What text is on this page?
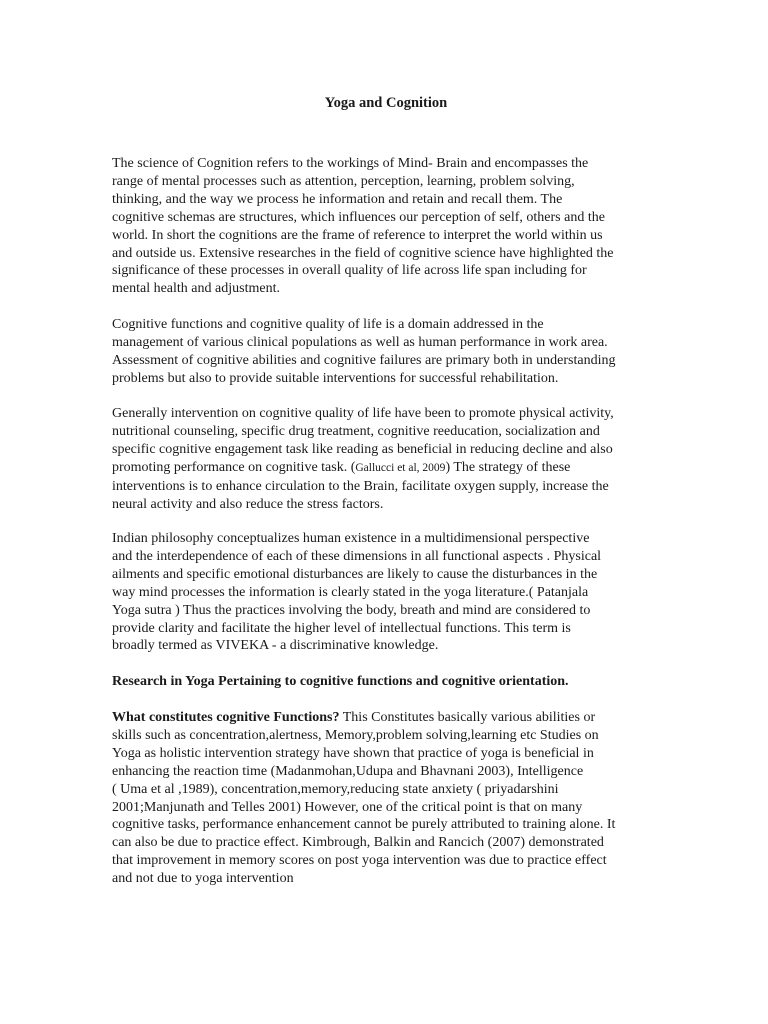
Yoga and Cognition

The science of Cognition refers to the workings of Mind- Brain and encompasses the
range of mental processes such as attention, perception, learning, problem solving,
thinking, and the way we process he information and retain and recall them. The
cognitive schemas are structures, which influences our perception of self, others and the
world. In short the cognitions are the frame of reference to interpret the world within us
and outside us. Extensive researches in the field of cognitive science have highlighted the
significance of these processes in overall quality of life across life span including for
mental health and adjustment.

Cognitive functions and cognitive quality of life is a domain addressed in the
management of various clinical populations as well as human performance in work area.
Assessment of cognitive abilities and cognitive failures are primary both in understanding
problems but also to provide suitable interventions for successful rehabilitation.

Generally intervention on cognitive quality of life have been to promote physical activity,
nutritional counseling, specific drug treatment, cognitive reeducation, socialization and
specific cognitive engagement task like reading as beneficial in reducing decline and also
promoting performance on cognitive task. (Gallucci et al, 2009) The strategy of these
interventions is to enhance circulation to the Brain, facilitate oxygen supply, increase the
neural activity and also reduce the stress factors.

Indian philosophy conceptualizes human existence in a multidimensional perspective
and the interdependence of each of these dimensions in all functional aspects . Physical
ailments and specific emotional disturbances are likely to cause the disturbances in the
way mind processes the information is clearly stated in the yoga literature.( Patanjala
Yoga sutra ) Thus the practices involving the body, breath and mind are considered to
provide clarity and facilitate the higher level of intellectual functions. This term is
broadly termed as VIVEKA - a discriminative knowledge.

Research in Yoga Pertaining to cognitive functions and cognitive orientation.

What constitutes cognitive Functions? This Constitutes basically various abilities or
skills such as concentration,alertness, Memory,problem solving,learning etc Studies on
Yoga as holistic intervention strategy have shown that practice of yoga is beneficial in
enhancing the reaction time (Madanmohan,Udupa and Bhavnani 2003), Intelligence
( Uma et al ,1989), concentration,memory,reducing state anxiety ( priyadarshini
2001;Manjunath and Telles 2001) However, one of the critical point is that on many
cognitive tasks, performance enhancement cannot be purely attributed to training alone. It
can also be due to practice effect. Kimbrough, Balkin and Rancich (2007) demonstrated
that improvement in memory scores on post yoga intervention was due to practice effect
and not due to yoga intervention
